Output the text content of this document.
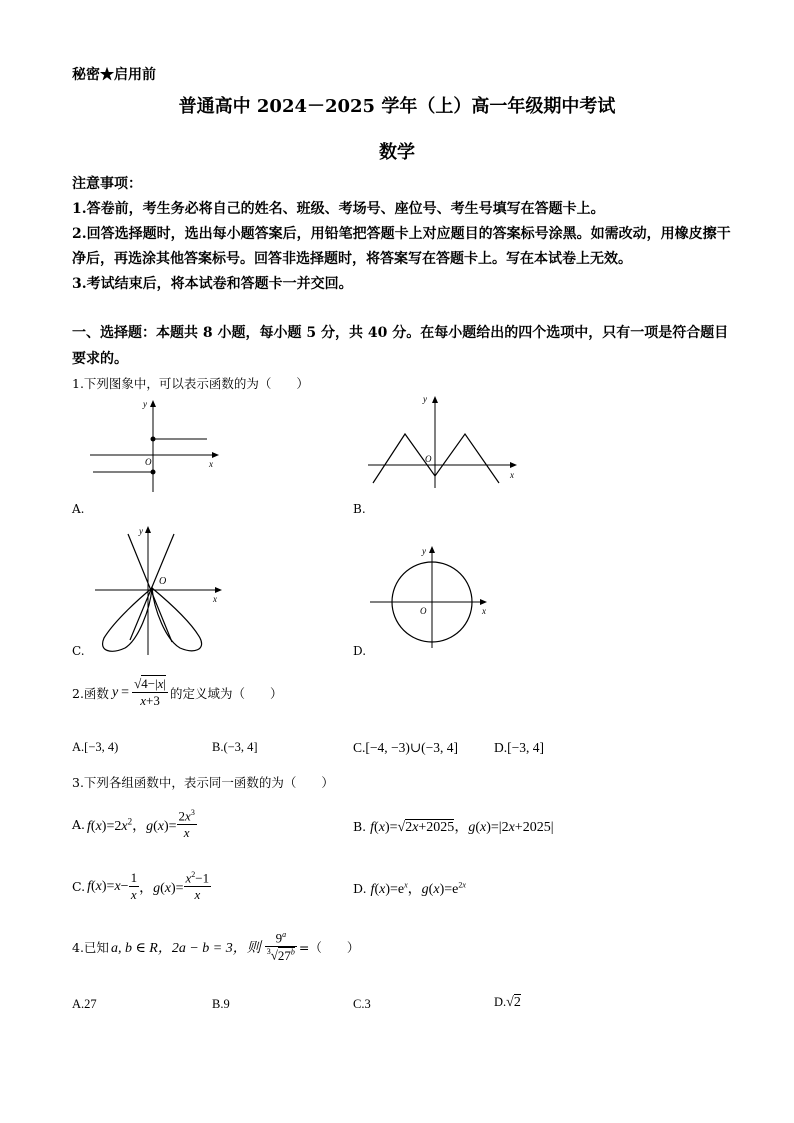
秘密★启用前
普通高中 2024－2025 学年（上）高一年级期中考试
数学

注意事项：

1.答卷前，考生务必将自己的姓名、班级、考场号、座位号、考生号填写在答题卡上。

2.回答选择题时，选出每小题答案后，用铅笔把答题卡上对应题目的答案标号涂黑。如需改动，用橡皮擦干净后，再选涂其他答案标号。回答非选择题时，将答案写在答题卡上。写在本试卷上无效。

3.考试结束后，将本试卷和答题卡一并交回。

一、选择题：本题共 8 小题，每小题 5 分，共 40 分。在每小题给出的四个选项中，只有一项是符合题目要求的。
1.下列图象中，可以表示函数的为（　　）
y
O	x
A.
y
O
x
B.
y
O
x
C.
y
O	x
D.
2.函数 $y = \frac{√4-|x|}{x+3}$ 的定义域为（　　）
A.[−3, 4)	B.(−3, 4]	C.[−4, −3)∪(−3, 4]	D.[−3, 4]
3.下列各组函数中，表示同一函数的为（　　）
A. $f(x)=2x^2$，$g(x)= \frac{2x^3}{x}$	B. f(x)=√2x+2025，g(x)=|2x+2025|
C. $f(x)=x- \frac{1}{x}$ ，$g(x)= \frac{x^2-1}{x}$	D. $f(x)=e^x$，$g(x)=e^{2x}$
4.已知 a, b ∈ R，2a − b = 3，则 $\frac{9^a}{^3√27^b}$ =（　　）
A.27	B.9	C.3	D.√2
